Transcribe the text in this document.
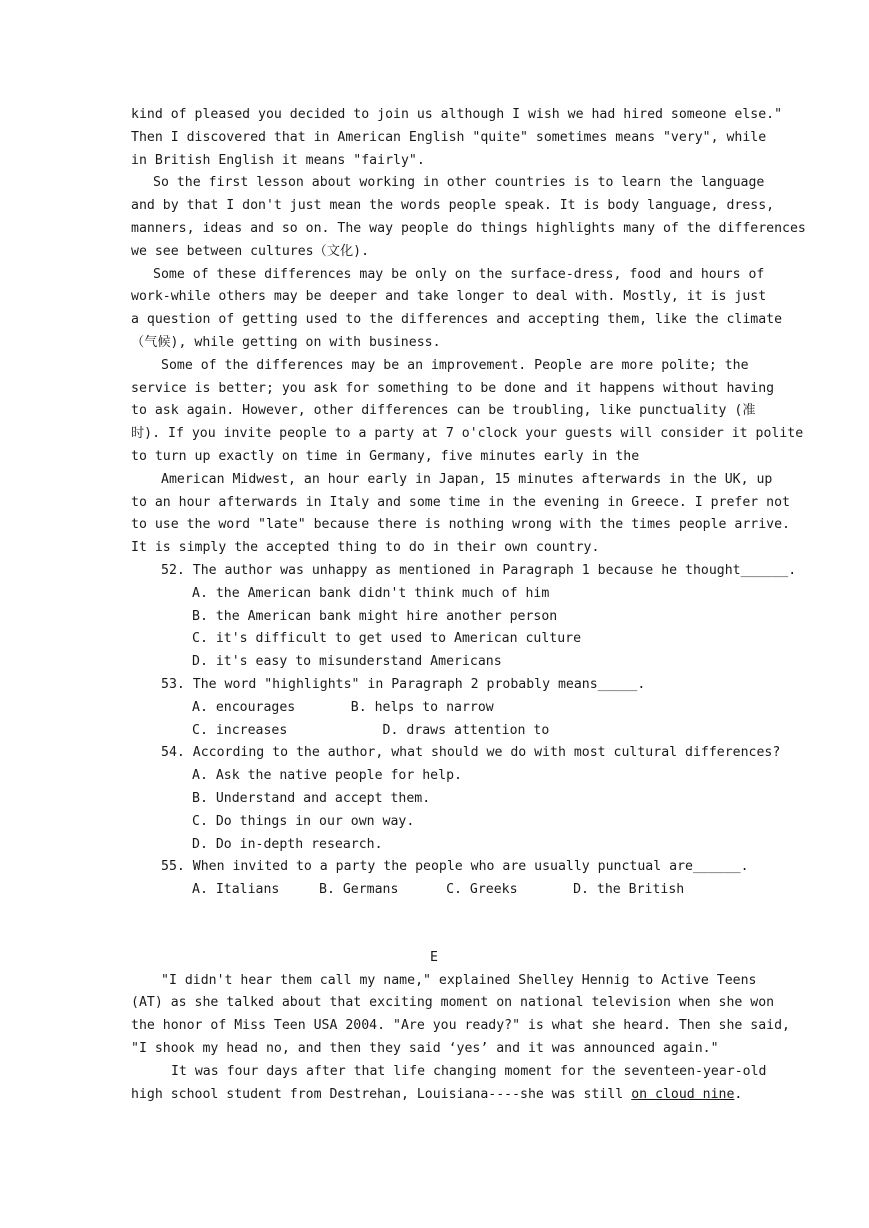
kind of pleased you decided to join us although I wish we had hired someone else."
Then I discovered that in American English "quite" sometimes means "very", while
in British English it means "fairly".
So the first lesson about working in other countries is to learn the language
and by that I don't just mean the words people speak. It is body language, dress,
manners, ideas and so on. The way people do things highlights many of the differences
we see between cultures（文化).
Some of these differences may be only on the surface-dress, food and hours of
work-while others may be deeper and take longer to deal with. Mostly, it is just
a question of getting used to the differences and accepting them, like the climate
（气候), while getting on with business.
Some of the differences may be an improvement. People are more polite; the
service is better; you ask for something to be done and it happens without having
to ask again. However, other differences can be troubling, like punctuality (准
时). If you invite people to a party at 7 o'clock your guests will consider it polite
to turn up exactly on time in Germany, five minutes early in the
American Midwest, an hour early in Japan, 15 minutes afterwards in the UK, up
to an hour afterwards in Italy and some time in the evening in Greece. I prefer not
to use the word "late" because there is nothing wrong with the times people arrive.
It is simply the accepted thing to do in their own country.
52. The author was unhappy as mentioned in Paragraph 1 because he thought______.
A. the American bank didn't think much of him
B. the American bank might hire another person
C. it's difficult to get used to American culture
D. it's easy to misunderstand Americans
53. The word "highlights" in Paragraph 2 probably means_____.
A. encourages       B. helps to narrow
C. increases            D. draws attention to
54. According to the author, what should we do with most cultural differences?
A. Ask the native people for help.
B. Understand and accept them.
C. Do things in our own way.
D. Do in-depth research.
55. When invited to a party the people who are usually punctual are______.
A. Italians     B. Germans      C. Greeks       D. the British
E
"I didn't hear them call my name," explained Shelley Hennig to Active Teens
(AT) as she talked about that exciting moment on national television when she won
the honor of Miss Teen USA 2004. "Are you ready?" is what she heard. Then she said,
"I shook my head no, and then they said ‘yes’ and it was announced again."
It was four days after that life changing moment for the seventeen-year-old
high school student from Destrehan, Louisiana----she was still on cloud nine.
